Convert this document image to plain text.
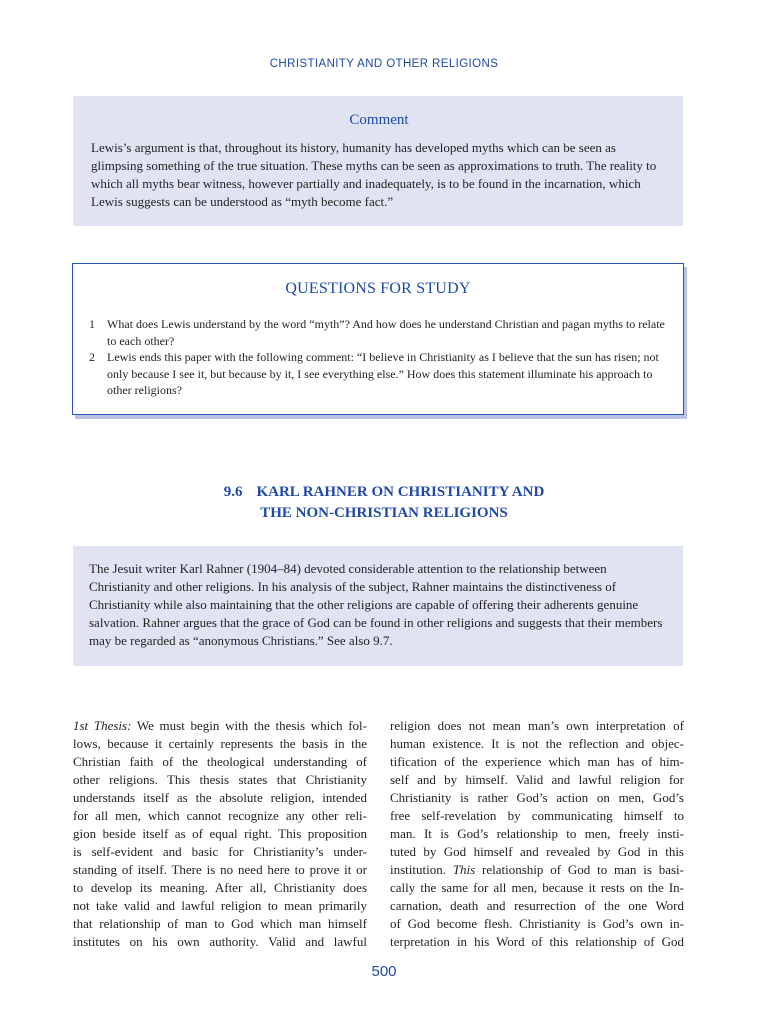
CHRISTIANITY AND OTHER RELIGIONS
Comment

Lewis’s argument is that, throughout its history, humanity has developed myths which can be seen as glimpsing something of the true situation. These myths can be seen as approximations to truth. The reality to which all myths bear witness, however partially and inadequately, is to be found in the incarnation, which Lewis suggests can be understood as “myth become fact.”

QUESTIONS FOR STUDY
1	What does Lewis understand by the word “myth”? And how does he understand Christian and pagan myths to relate to each other?
2	Lewis ends this paper with the following comment: “I believe in Christianity as I believe that the sun has risen; not only because I see it, but because by it, I see everything else.” How does this statement illuminate his approach to other religions?
9.6 KARL RAHNER ON CHRISTIANITY AND
THE NON-CHRISTIAN RELIGIONS

The Jesuit writer Karl Rahner (1904–84) devoted considerable attention to the relationship between Christianity and other religions. In his analysis of the subject, Rahner maintains the distinctiveness of Christianity while also maintaining that the other religions are capable of offering their adherents genuine salvation. Rahner argues that the grace of God can be found in other religions and suggests that their members may be regarded as “anonymous Christians.” See also 9.7.

1st Thesis: We must begin with the thesis which fol-
lows, because it certainly represents the basis in the
Christian faith of the theological understanding of
other religions. This thesis states that Christianity
understands itself as the absolute religion, intended
for all men, which cannot recognize any other reli-
gion beside itself as of equal right. This proposition
is self-evident and basic for Christianity’s under-
standing of itself. There is no need here to prove it or
to develop its meaning. After all, Christianity does
not take valid and lawful religion to mean primarily
that relationship of man to God which man himself
institutes on his own authority. Valid and lawful
religion does not mean man’s own interpretation of
human existence. It is not the reflection and objec-
tification of the experience which man has of him-
self and by himself. Valid and lawful religion for
Christianity is rather God’s action on men, God’s
free self-revelation by communicating himself to
man. It is God’s relationship to men, freely insti-
tuted by God himself and revealed by God in this
institution. This relationship of God to man is basi-
cally the same for all men, because it rests on the In-
carnation, death and resurrection of the one Word
of God become flesh. Christianity is God’s own in-
terpretation in his Word of this relationship of God
500
